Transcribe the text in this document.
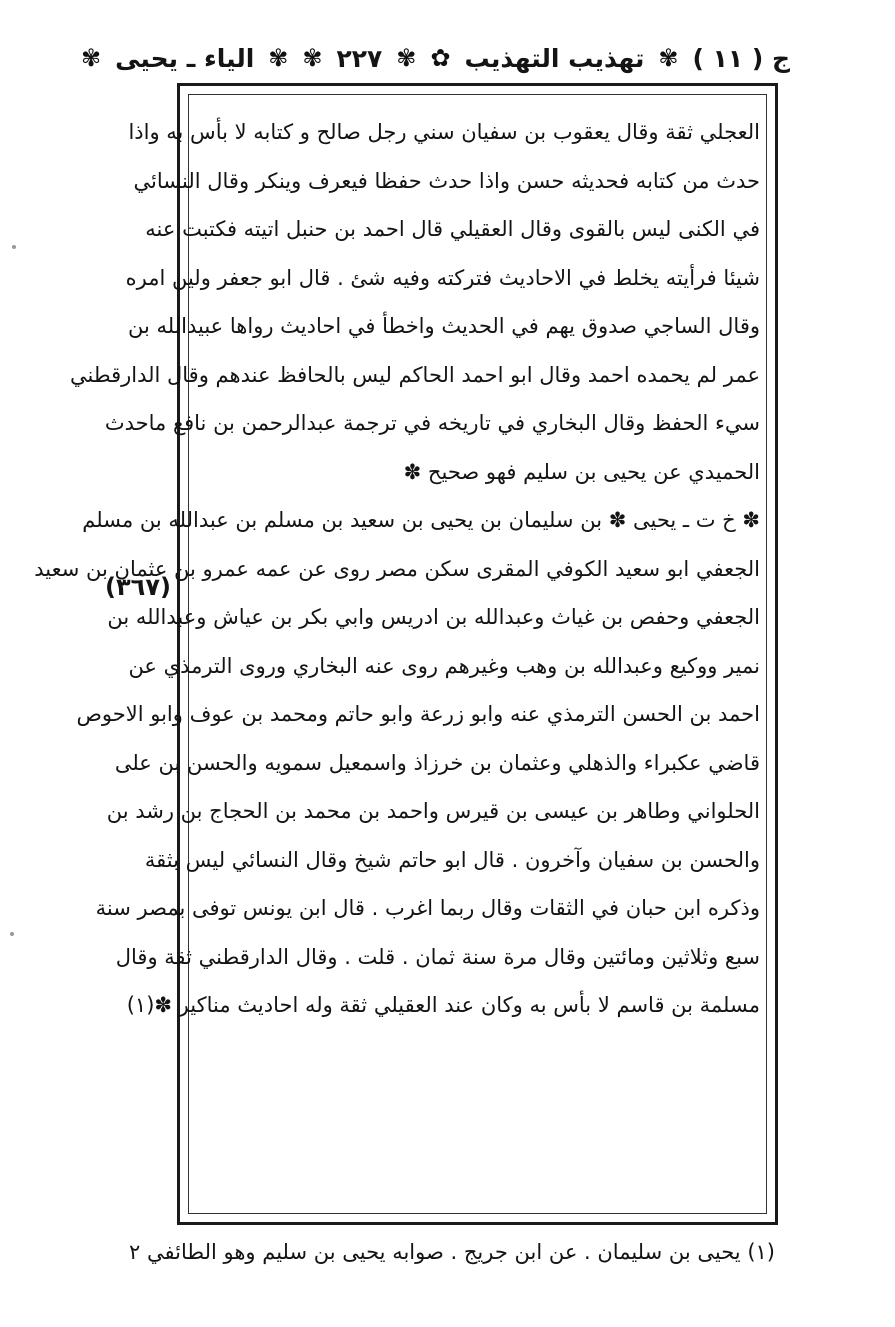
ج ( ١١ )
✾
تهذيب التهذيب
✿
✾
٢٢٧
✾
✾
الياء ـ يحيى
✾
العجلي ثقة وقال يعقوب بن سفيان سني رجل صالح و كتابه لا بأس به واذا
حدث من كتابه فحديثه حسن واذا حدث حفظا فيعرف وينكر وقال النسائي
في الكنى ليس بالقوى وقال العقيلي قال احمد بن حنبل اتيته فكتبت عنه
شيئا فرأيته يخلط في الاحاديث فتركته وفيه شئ . قال ابو جعفر ولين امره
وقال الساجي صدوق يهم في الحديث واخطأ في احاديث رواها عبيدالله بن
عمر لم يحمده احمد وقال ابو احمد الحاكم ليس بالحافظ عندهم وقال الدارقطني
سيء الحفظ وقال البخاري في تاريخه في ترجمة عبدالرحمن بن نافع ماحدث
الحميدي عن يحيى بن سليم فهو صحيح ✽
✽ خ ت ـ يحيى ✽ بن سليمان بن يحيى بن سعيد بن مسلم بن عبدالله بن مسلم
الجعفي ابو سعيد الكوفي المقرى سكن مصر روى عن عمه عمرو بن عثمان بن سعيد
الجعفي وحفص بن غياث وعبدالله بن ادريس وابي بكر بن عياش وعبدالله بن
نمير ووكيع وعبدالله بن وهب وغيرهم روى عنه البخاري وروى الترمذي عن
احمد بن الحسن الترمذي عنه وابو زرعة وابو حاتم ومحمد بن عوف وابو الاحوص
قاضي عكبراء والذهلي وعثمان بن خرزاذ واسمعيل سمويه والحسن بن على
الحلواني وطاهر بن عيسى بن قيرس واحمد بن محمد بن الحجاج بن رشد بن
والحسن بن سفيان وآخرون . قال ابو حاتم شيخ وقال النسائي ليس بثقة
وذكره ابن حبان في الثقات وقال ربما اغرب . قال ابن يونس توفى بمصر سنة
سبع وثلاثين ومائتين وقال مرة سنة ثمان . قلت . وقال الدارقطني ثقة وقال
مسلمة بن قاسم لا بأس به وكان عند العقيلي ثقة وله احاديث مناكير ✽(١)
(٣٦٧)
(١) يحيى بن سليمان . عن ابن جريج . صوابه يحيى بن سليم وهو الطائفي ٢
